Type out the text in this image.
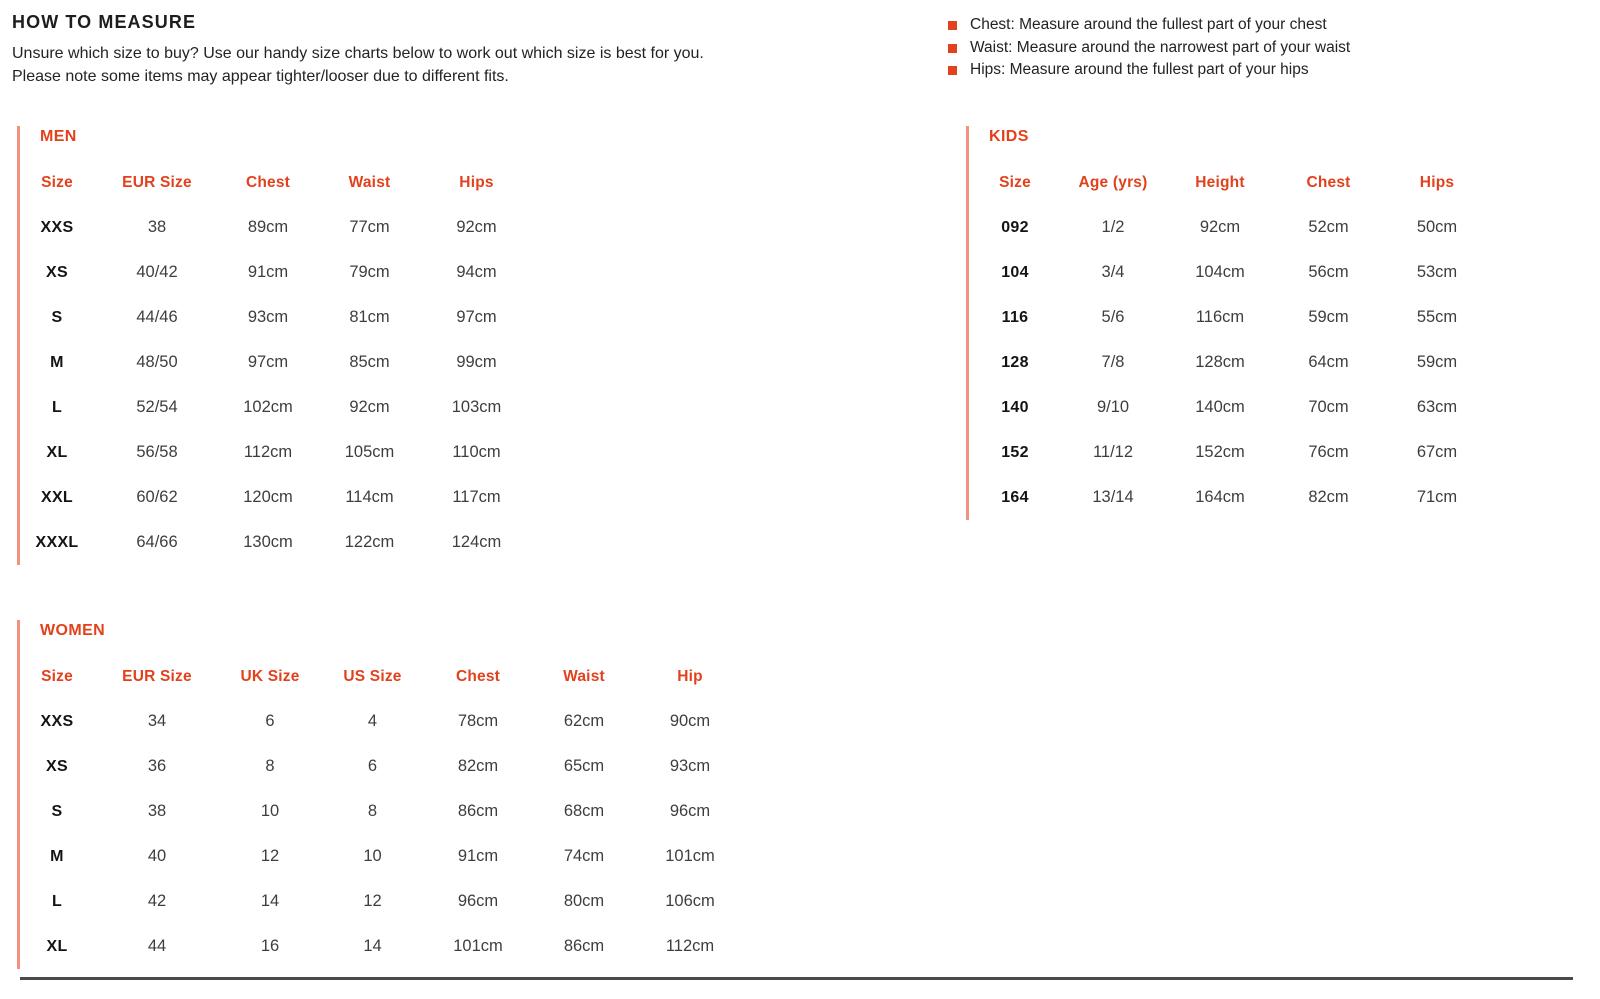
HOW TO MEASURE

Unsure which size to buy? Use our handy size charts below to work out which size is best for you.

Please note some items may appear tighter/looser due to different fits.

Chest: Measure around the fullest part of your chest
Waist: Measure around the narrowest part of your waist
Hips: Measure around the fullest part of your hips
MEN
Size	EUR Size	Chest	Waist	Hips
XXS	38	89cm	77cm	92cm
XS	40/42	91cm	79cm	94cm
S	44/46	93cm	81cm	97cm
M	48/50	97cm	85cm	99cm
L	52/54	102cm	92cm	103cm
XL	56/58	112cm	105cm	110cm
XXL	60/62	120cm	114cm	117cm
XXXL	64/66	130cm	122cm	124cm
KIDS
Size	Age (yrs)	Height	Chest	Hips
092	1/2	92cm	52cm	50cm
104	3/4	104cm	56cm	53cm
116	5/6	116cm	59cm	55cm
128	7/8	128cm	64cm	59cm
140	9/10	140cm	70cm	63cm
152	11/12	152cm	76cm	67cm
164	13/14	164cm	82cm	71cm
WOMEN
Size	EUR Size	UK Size	US Size	Chest	Waist	Hip
XXS	34	6	4	78cm	62cm	90cm
XS	36	8	6	82cm	65cm	93cm
S	38	10	8	86cm	68cm	96cm
M	40	12	10	91cm	74cm	101cm
L	42	14	12	96cm	80cm	106cm
XL	44	16	14	101cm	86cm	112cm
